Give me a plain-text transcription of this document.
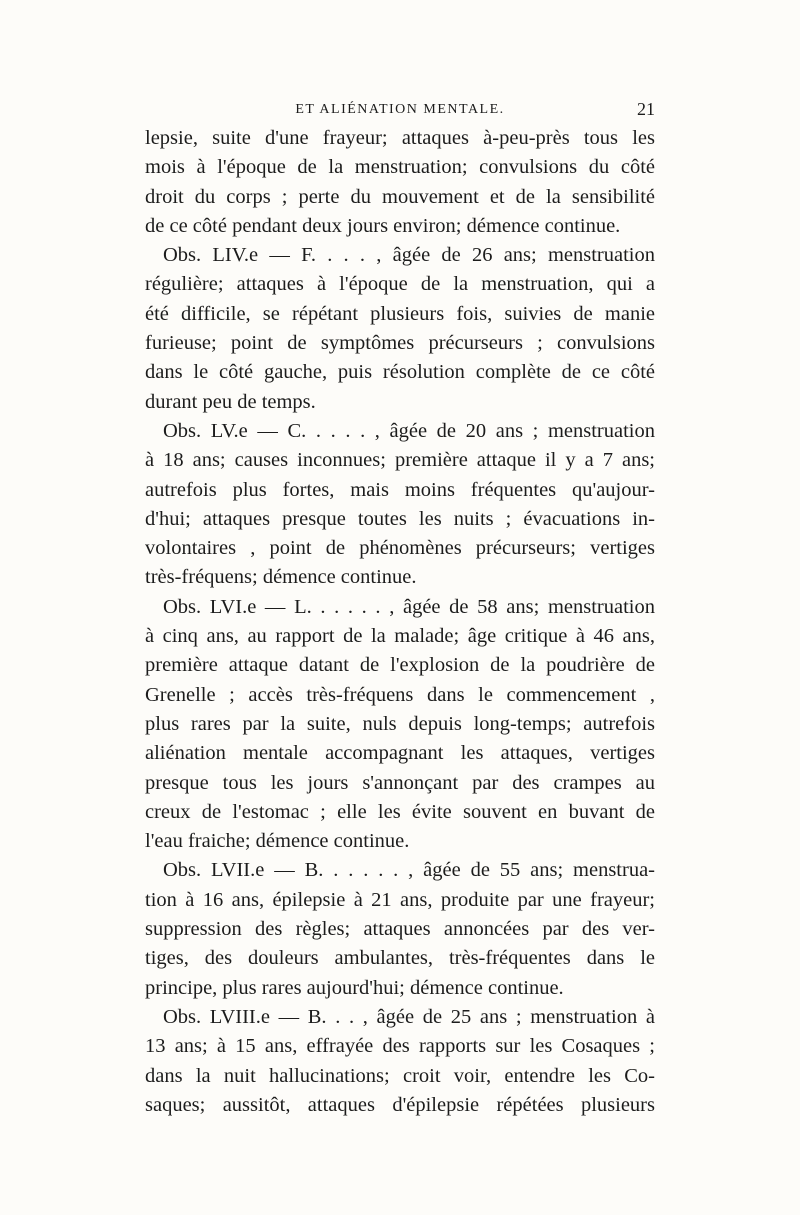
ET ALIÉNATION MENTALE.	21
lepsie, suite d'une frayeur; attaques à-peu-près tous les
mois à l'époque de la menstruation; convulsions du côté
droit du corps ; perte du mouvement et de la sensibilité
de ce côté pendant deux jours environ; démence continue.
Obs. LIV.e — F. . . . , âgée de 26 ans; menstruation
régulière; attaques à l'époque de la menstruation, qui a
été difficile, se répétant plusieurs fois, suivies de manie
furieuse; point de symptômes précurseurs ; convulsions
dans le côté gauche, puis résolution complète de ce côté
durant peu de temps.
Obs. LV.e — C. . . . . , âgée de 20 ans ; menstruation
à 18 ans; causes inconnues; première attaque il y a 7 ans;
autrefois plus fortes, mais moins fréquentes qu'aujour-
d'hui; attaques presque toutes les nuits ; évacuations in-
volontaires , point de phénomènes précurseurs; vertiges
très-fréquens; démence continue.
Obs. LVI.e — L. . . . . . , âgée de 58 ans; menstruation
à cinq ans, au rapport de la malade; âge critique à 46 ans,
première attaque datant de l'explosion de la poudrière de
Grenelle ; accès très-fréquens dans le commencement ,
plus rares par la suite, nuls depuis long-temps; autrefois
aliénation mentale accompagnant les attaques, vertiges
presque tous les jours s'annonçant par des crampes au
creux de l'estomac ; elle les évite souvent en buvant de
l'eau fraiche; démence continue.
Obs. LVII.e — B. . . . . . , âgée de 55 ans; menstrua-
tion à 16 ans, épilepsie à 21 ans, produite par une frayeur;
suppression des règles; attaques annoncées par des ver-
tiges, des douleurs ambulantes, très-fréquentes dans le
principe, plus rares aujourd'hui; démence continue.
Obs. LVIII.e — B. . . , âgée de 25 ans ; menstruation à
13 ans; à 15 ans, effrayée des rapports sur les Cosaques ;
dans la nuit hallucinations; croit voir, entendre les Co-
saques; aussitôt, attaques d'épilepsie répétées plusieurs
